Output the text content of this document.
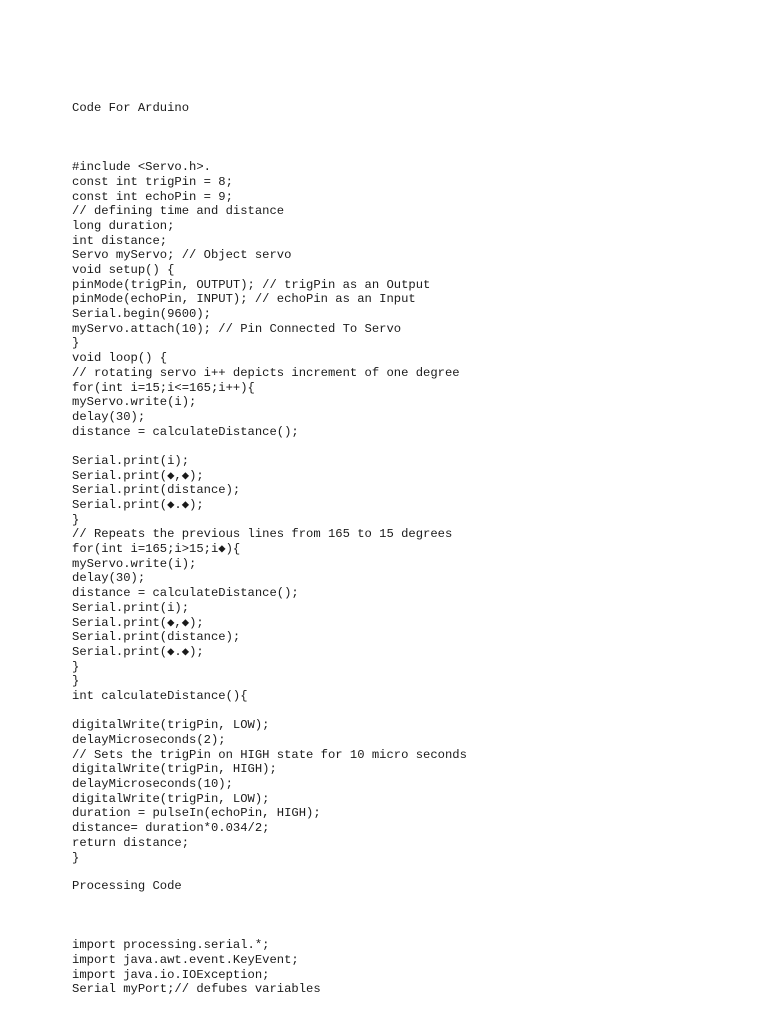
Code For Arduino

#include <Servo.h>.
const int trigPin = 8;
const int echoPin = 9;
// defining time and distance
long duration;
int distance;
Servo myServo; // Object servo
void setup() {
pinMode(trigPin, OUTPUT); // trigPin as an Output
pinMode(echoPin, INPUT); // echoPin as an Input
Serial.begin(9600);
myServo.attach(10); // Pin Connected To Servo
}
void loop() {
// rotating servo i++ depicts increment of one degree
for(int i=15;i<=165;i++){
myServo.write(i);
delay(30);
distance = calculateDistance();
Serial.print(i);
Serial.print(◆,◆);
Serial.print(distance);
Serial.print(◆.◆);
}
// Repeats the previous lines from 165 to 15 degrees
for(int i=165;i>15;i◆){
myServo.write(i);
delay(30);
distance = calculateDistance();
Serial.print(i);
Serial.print(◆,◆);
Serial.print(distance);
Serial.print(◆.◆);
}
}
int calculateDistance(){
digitalWrite(trigPin, LOW);
delayMicroseconds(2);
// Sets the trigPin on HIGH state for 10 micro seconds
digitalWrite(trigPin, HIGH);
delayMicroseconds(10);
digitalWrite(trigPin, LOW);
duration = pulseIn(echoPin, HIGH);
distance= duration*0.034/2;
return distance;
}

Processing Code

import processing.serial.*;
import java.awt.event.KeyEvent;
import java.io.IOException;
Serial myPort;// defubes variables
